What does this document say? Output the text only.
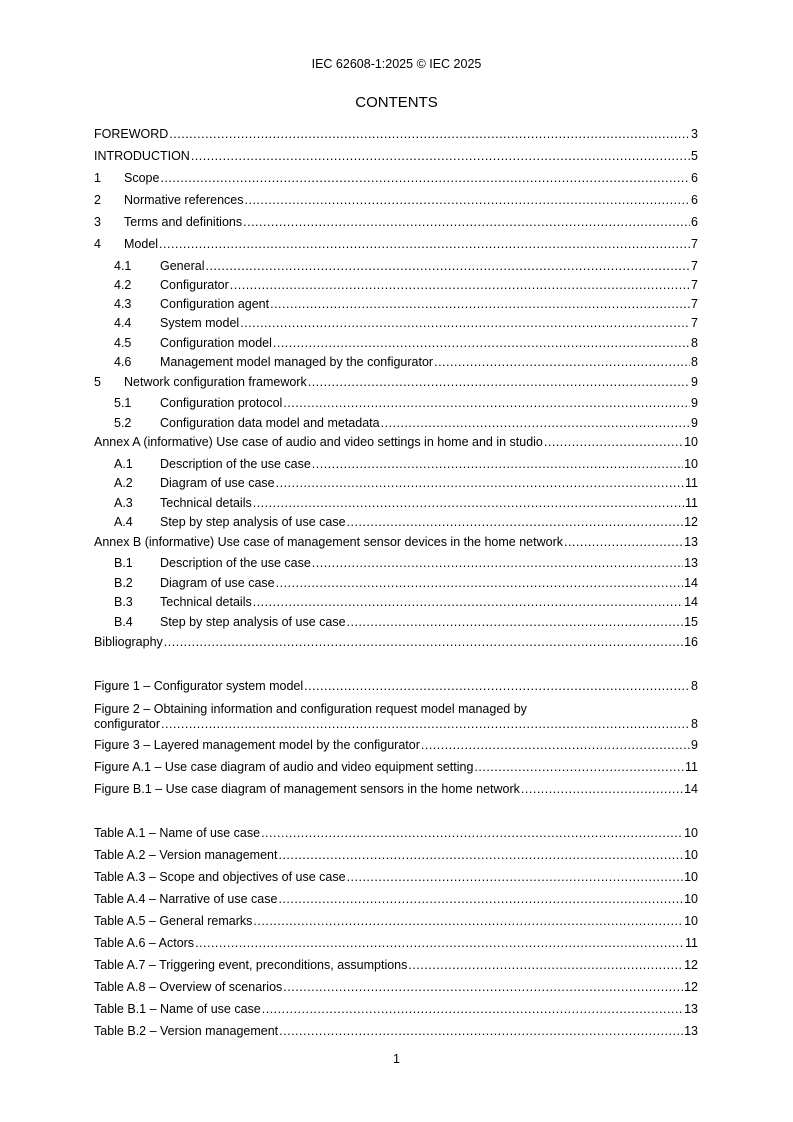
IEC 62608-1:2025 © IEC 2025
CONTENTS
FOREWORD .....	3
INTRODUCTION .....	5
1	Scope .....	6
2	Normative references .....	6
3	Terms and definitions .....	6
4	Model .....	7
4.1	General .....	7
4.2	Configurator .....	7
4.3	Configuration agent .....	7
4.4	System model .....	7
4.5	Configuration model .....	8
4.6	Management model managed by the configurator .....	8
5	Network configuration framework .....	9
5.1	Configuration protocol .....	9
5.2	Configuration data model and metadata .....	9
Annex A (informative) Use case of audio and video settings in home and in studio .....	10
A.1	Description of the use case .....	10
A.2	Diagram of use case .....	11
A.3	Technical details .....	11
A.4	Step by step analysis of use case .....	12
Annex B (informative) Use case of management sensor devices in the home network .....	13
B.1	Description of the use case .....	13
B.2	Diagram of use case .....	14
B.3	Technical details .....	14
B.4	Step by step analysis of use case .....	15
Bibliography .....	16
Figure 1 – Configurator system model .....	8
Figure 2 – Obtaining information and configuration request model managed by
configurator .....	8
Figure 3 – Layered management model by the configurator .....	9
Figure A.1 – Use case diagram of audio and video equipment setting .....	11
Figure B.1 – Use case diagram of management sensors in the home network .....	14
Table A.1 – Name of use case .....	10
Table A.2 – Version management .....	10
Table A.3 – Scope and objectives of use case .....	10
Table A.4 – Narrative of use case .....	10
Table A.5 – General remarks .....	10
Table A.6 – Actors .....	11
Table A.7 – Triggering event, preconditions, assumptions .....	12
Table A.8 – Overview of scenarios .....	12
Table B.1 – Name of use case .....	13
Table B.2 – Version management .....	13
1
